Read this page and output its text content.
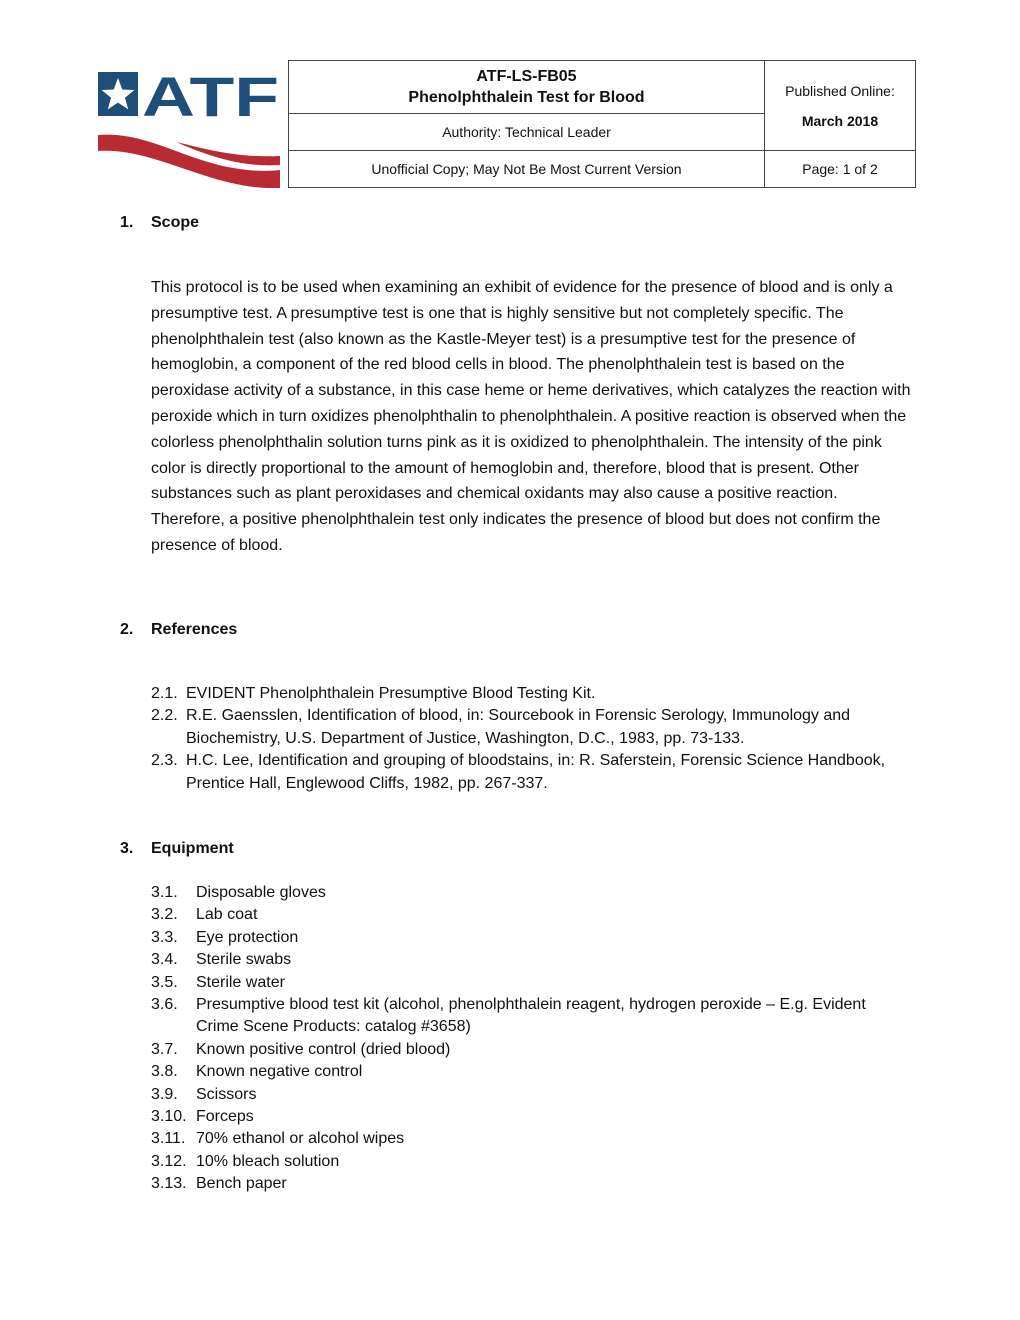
ATF	ATF-LS-FB05
Phenolphthalein Test for Blood	Published Online:
March 2018

Authority: Technical Leader	
Unofficial Copy; May Not Be Most Current Version	Page: 1 of 2
1. Scope
This protocol is to be used when examining an exhibit of evidence for the presence of blood and is only a presumptive test. A presumptive test is one that is highly sensitive but not completely specific. The phenolphthalein test (also known as the Kastle-Meyer test) is a presumptive test for the presence of hemoglobin, a component of the red blood cells in blood. The phenolphthalein test is based on the peroxidase activity of a substance, in this case heme or heme derivatives, which catalyzes the reaction with peroxide which in turn oxidizes phenolphthalin to phenolphthalein. A positive reaction is observed when the colorless phenolphthalin solution turns pink as it is oxidized to phenolphthalein. The intensity of the pink color is directly proportional to the amount of hemoglobin and, therefore, blood that is present. Other substances such as plant peroxidases and chemical oxidants may also cause a positive reaction. Therefore, a positive phenolphthalein test only indicates the presence of blood but does not confirm the presence of blood.
2. References
2.1. EVIDENT Phenolphthalein Presumptive Blood Testing Kit.
2.2. R.E. Gaensslen, Identification of blood, in: Sourcebook in Forensic Serology, Immunology and Biochemistry, U.S. Department of Justice, Washington, D.C., 1983, pp. 73-133.
2.3. H.C. Lee, Identification and grouping of bloodstains, in: R. Saferstein, Forensic Science Handbook, Prentice Hall, Englewood Cliffs, 1982, pp. 267-337.
3. Equipment
3.1. Disposable gloves
3.2. Lab coat
3.3. Eye protection
3.4. Sterile swabs
3.5. Sterile water
3.6. Presumptive blood test kit (alcohol, phenolphthalein reagent, hydrogen peroxide – E.g. Evident Crime Scene Products: catalog #3658)
3.7. Known positive control (dried blood)
3.8. Known negative control
3.9. Scissors
3.10. Forceps
3.11. 70% ethanol or alcohol wipes
3.12. 10% bleach solution
3.13. Bench paper
